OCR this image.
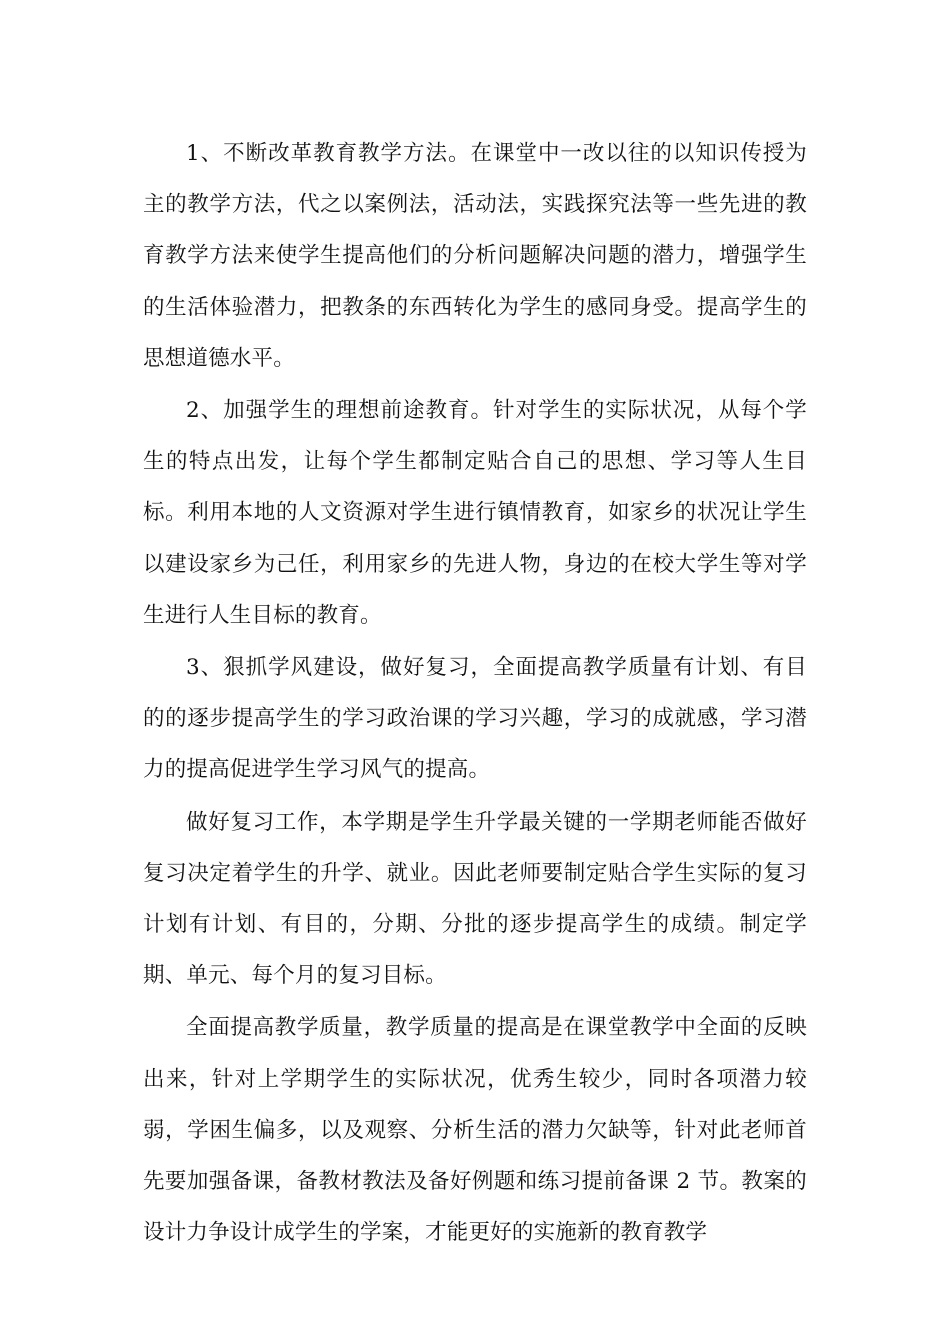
1、不断改革教育教学方法。在课堂中一改以往的以知识传授为主的教学方法，代之以案例法，活动法，实践探究法等一些先进的教育教学方法来使学生提高他们的分析问题解决问题的潜力，增强学生的生活体验潜力，把教条的东西转化为学生的感同身受。提高学生的思想道德水平。

2、加强学生的理想前途教育。针对学生的实际状况，从每个学生的特点出发，让每个学生都制定贴合自己的思想、学习等人生目标。利用本地的人文资源对学生进行镇情教育，如家乡的状况让学生以建设家乡为己任，利用家乡的先进人物，身边的在校大学生等对学生进行人生目标的教育。

3、狠抓学风建设，做好复习，全面提高教学质量有计划、有目的的逐步提高学生的学习政治课的学习兴趣，学习的成就感，学习潜力的提高促进学生学习风气的提高。

做好复习工作，本学期是学生升学最关键的一学期老师能否做好复习决定着学生的升学、就业。因此老师要制定贴合学生实际的复习计划有计划、有目的，分期、分批的逐步提高学生的成绩。制定学期、单元、每个月的复习目标。

全面提高教学质量，教学质量的提高是在课堂教学中全面的反映出来，针对上学期学生的实际状况，优秀生较少，同时各项潜力较弱，学困生偏多，以及观察、分析生活的潜力欠缺等，针对此老师首先要加强备课，备教材教法及备好例题和练习提前备课 2 节。教案的设计力争设计成学生的学案，才能更好的实施新的教育教学
